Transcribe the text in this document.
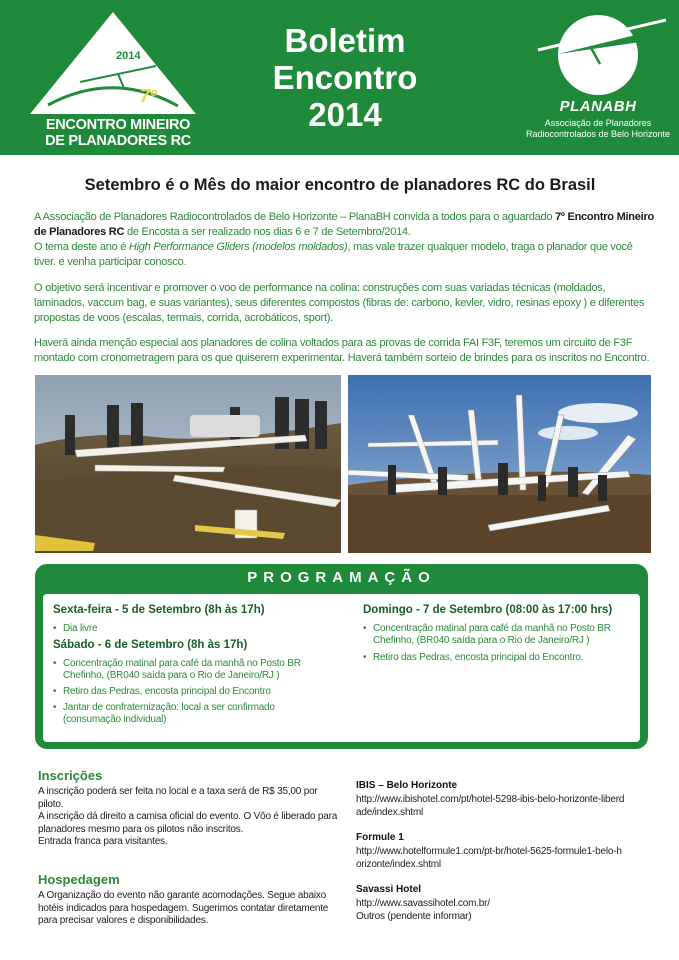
2014
7º
ENCONTRO MINEIRO
DE PLANADORES RC
Boletim
Encontro
2014	PLANABH
Associação de Planadores
Radiocontrolados de Belo Horizonte
Setembro é o Mês do maior encontro de planadores RC do Brasil
A Associação de Planadores Radiocontrolados de Belo Horizonte – PlanaBH convida a todos para o aguardado 7º Encontro Mineiro de Planadores RC de Encosta a ser realizado nos dias 6 e 7 de Setembro/2014.
O tema deste ano é High Performance Gliders (modelos moldados), mas vale trazer qualquer modelo, traga o planador que você tiver. e venha participar conosco.
O objetivo será incentivar e promover o voo de performance na colina: construções com suas variadas técnicas (moldados, laminados, vaccum bag, e suas variantes), seus diferentes compostos (fibras de: carbono, kevler, vidro, resinas epoxy ) e diferentes propostas de voos (escalas, termais, corrida, acrobáticos, sport).
Haverá ainda menção especial aos planadores de colina voltados para as provas de corrida FAI F3F, teremos um circuito de F3F montado com cronometragem para os que quiserem experimentar. Haverá também sorteio de brindes para os inscritos no Encontro.
PROGRAMAÇÃO
Sexta-feira - 5 de Setembro (8h às 17h)
• Dia livre
Sábado - 6 de Setembro (8h às 17h)
• Concentração matinal para café da manhã no Posto BR Chefinho, (BR040 saída para o Rio de Janeiro/RJ )
• Retiro das Pedras, encosta principal do Encontro
• Jantar de confraternização: local a ser confirmado (consumação individual)
Domingo - 7 de Setembro (08:00 às 17:00 hrs)
• Concentração matinal para café da manhã no Posto BR Chefinho, (BR040 saída para o Rio de Janeiro/RJ )
• Retiro das Pedras, encosta principal do Encontro.
Inscrições
A inscrição poderá ser feita no local e a taxa será de R$ 35,00 por piloto.
A inscrição dá direito a camisa oficial do evento. O Vôo é liberado para planadores mesmo para os pilotos não inscritos.
Entrada franca para visitantes.
Hospedagem
A Organização do evento não garante acomodações. Segue abaixo hotéis indicados para hospedagem. Sugerimos contatar diretamente para precisar valores e disponibilidades.
IBIS – Belo Horizonte
http://www.ibishotel.com/pt/hotel-5298-ibis-belo-horizonte-liberdade/index.shtml
Formule 1
http://www.hotelformule1.com/pt-br/hotel-5625-formule1-belo-horizonte/index.shtml
Savassi Hotel
http://www.savassihotel.com.br/
Outros (pendente informar)
